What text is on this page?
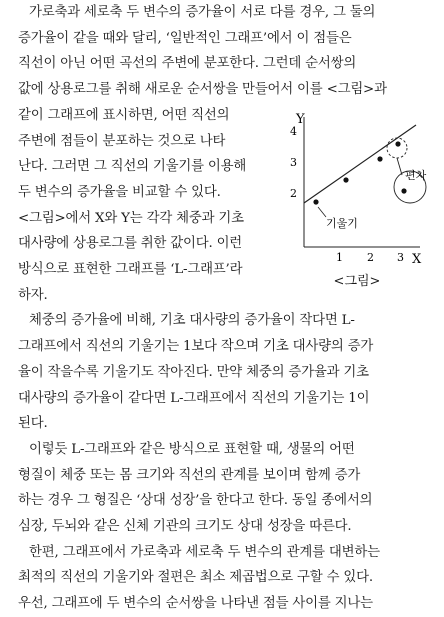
가로축과 세로축 두 변수의 증가율이 서로 다를 경우, 그 둘의

증가율이 같을 때와 달리, ‘일반적인 그래프’에서 이 점들은

직선이 아닌 어떤 곡선의 주변에 분포한다. 그런데 순서쌍의

값에 상용로그를 취해 새로운 순서쌍을 만들어서 이를 <그림>과

Y
X
4
3
2
1 2 3
편차
기울기
<그림>

같이 그래프에 표시하면, 어떤 직선의

주변에 점들이 분포하는 것으로 나타

난다. 그러면 그 직선의 기울기를 이용해

두 변수의 증가율을 비교할 수 있다.

<그림>에서 X와 Y는 각각 체중과 기초

대사량에 상용로그를 취한 값이다. 이런

방식으로 표현한 그래프를 ‘L-그래프’라

하자.

체중의 증가율에 비해, 기초 대사량의 증가율이 작다면 L-

그래프에서 직선의 기울기는 1보다 작으며 기초 대사량의 증가

율이 작을수록 기울기도 작아진다. 만약 체중의 증가율과 기초

대사량의 증가율이 같다면 L-그래프에서 직선의 기울기는 1이

된다.

이렇듯 L-그래프와 같은 방식으로 표현할 때, 생물의 어떤

형질이 체중 또는 몸 크기와 직선의 관계를 보이며 함께 증가

하는 경우 그 형질은 ‘상대 성장’을 한다고 한다. 동일 종에서의

심장, 두뇌와 같은 신체 기관의 크기도 상대 성장을 따른다.

한편, 그래프에서 가로축과 세로축 두 변수의 관계를 대변하는

최적의 직선의 기울기와 절편은 최소 제곱법으로 구할 수 있다.

우선, 그래프에 두 변수의 순서쌍을 나타낸 점들 사이를 지나는
